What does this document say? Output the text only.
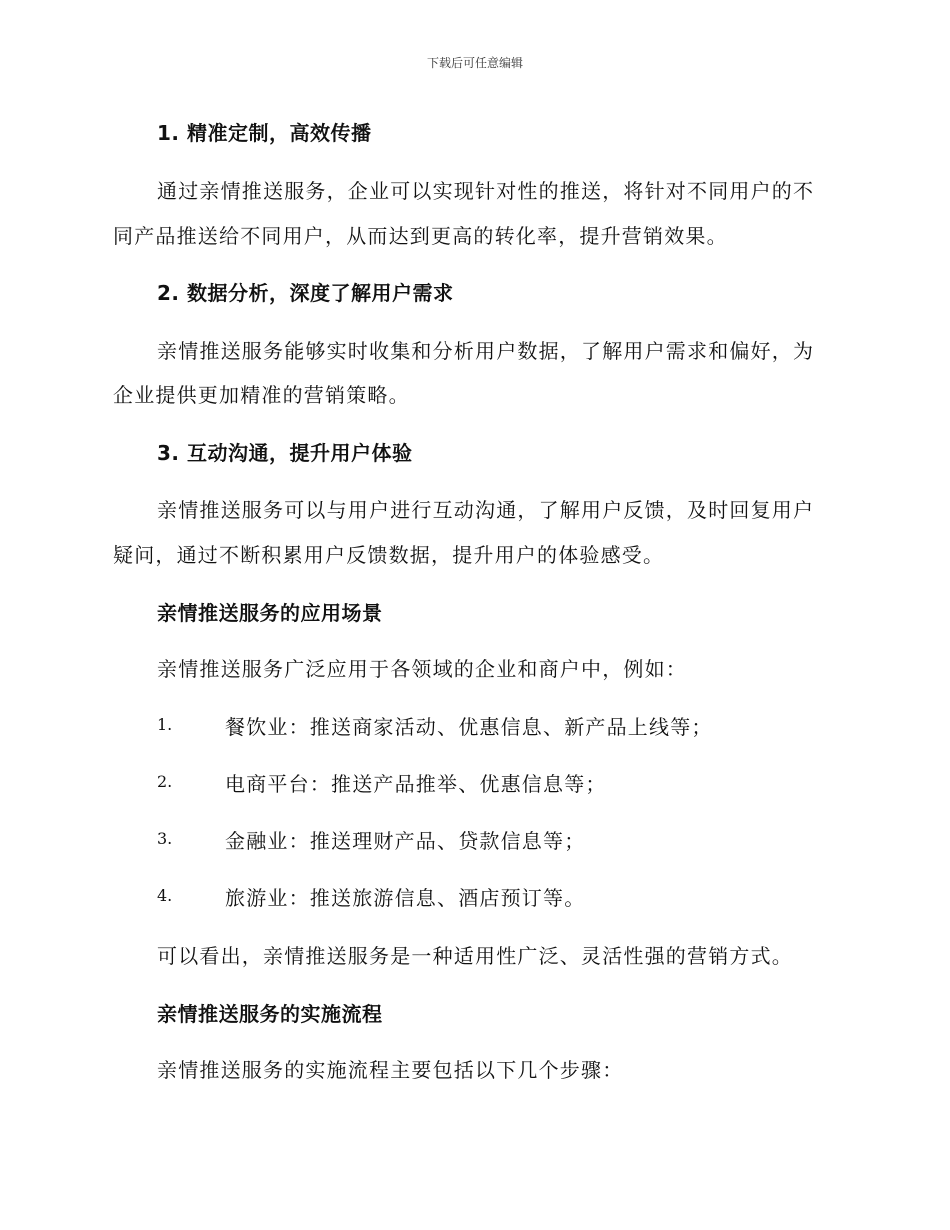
下载后可任意编辑
1. 精准定制，高效传播
通过亲情推送服务，企业可以实现针对性的推送，将针对不同用户的不
同产品推送给不同用户，从而达到更高的转化率，提升营销效果。
2. 数据分析，深度了解用户需求
亲情推送服务能够实时收集和分析用户数据，了解用户需求和偏好，为
企业提供更加精准的营销策略。
3. 互动沟通，提升用户体验
亲情推送服务可以与用户进行互动沟通，了解用户反馈，及时回复用户
疑问，通过不断积累用户反馈数据，提升用户的体验感受。
亲情推送服务的应用场景
亲情推送服务广泛应用于各领域的企业和商户中，例如：
1.	餐饮业：推送商家活动、优惠信息、新产品上线等；
2.	电商平台：推送产品推举、优惠信息等；
3.	金融业：推送理财产品、贷款信息等；
4.	旅游业：推送旅游信息、酒店预订等。
可以看出，亲情推送服务是一种适用性广泛、灵活性强的营销方式。
亲情推送服务的实施流程
亲情推送服务的实施流程主要包括以下几个步骤：
